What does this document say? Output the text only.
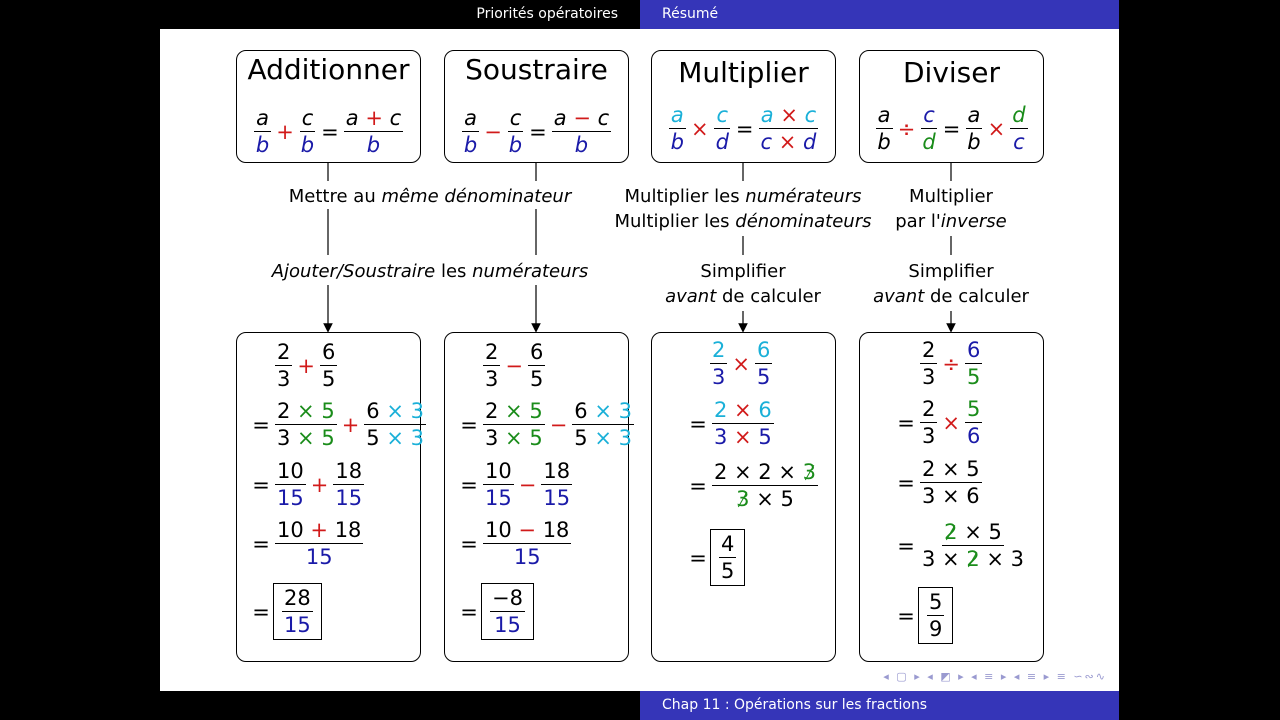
Priorités opératoires	Résumé
Additionner
$\frac{a}{b} + \frac{c}{b} = \frac{a + c}{b}$
Soustraire
$\frac{a}{b} - \frac{c}{b} = \frac{a - c}{b}$
Multiplier
$\frac{a}{b} \times \frac{c}{d} = \frac{a \times c}{c \times d}$
Diviser
$\frac{a}{b} \div \frac{c}{d} = \frac{a}{b} \times \frac{d}{c}$
Mettre au même dénominateur
Ajouter/Soustraire les numérateurs
Multiplier les numérateurs
Multiplier les dénominateurs
Multiplier
par l'inverse
Simplifier
avant de calculer
Simplifier
avant de calculer
$\frac{2}{3} + \frac{6}{5}$
= $\frac{2 \times 5}{3 \times 5} + \frac{6 \times 3}{5 \times 3}$
= $\frac{10}{15} + \frac{18}{15}$
= $\frac{10 + 18}{15}$
= $\frac{28}{15}$
$\frac{2}{3} - \frac{6}{5}$
= $\frac{2 \times 5}{3 \times 5} - \frac{6 \times 3}{5 \times 3}$
= $\frac{10}{15} - \frac{18}{15}$
= $\frac{10 - 18}{15}$
= $\frac{-8}{15}$
$\frac{2}{3} \times \frac{6}{5}$
= $\frac{2 \times 6}{3 \times 5}$
= $\frac{2 \times 2 \times 3}{3 \times 5}$
= $\frac{4}{5}$
$\frac{2}{3} \div \frac{6}{5}$
= $\frac{2}{3} \times \frac{5}{6}$
= $\frac{2 \times 5}{3 \times 6}$
= $\frac{2 \times 5}{3 \times 2 \times 3}$
= $\frac{5}{9}$
◂ ▢ ▸ ◂ ◩ ▸ ◂ ≡ ▸ ◂ ≡ ▸ ≡ ∽∾∿
Chap 11 : Opérations sur les fractions
